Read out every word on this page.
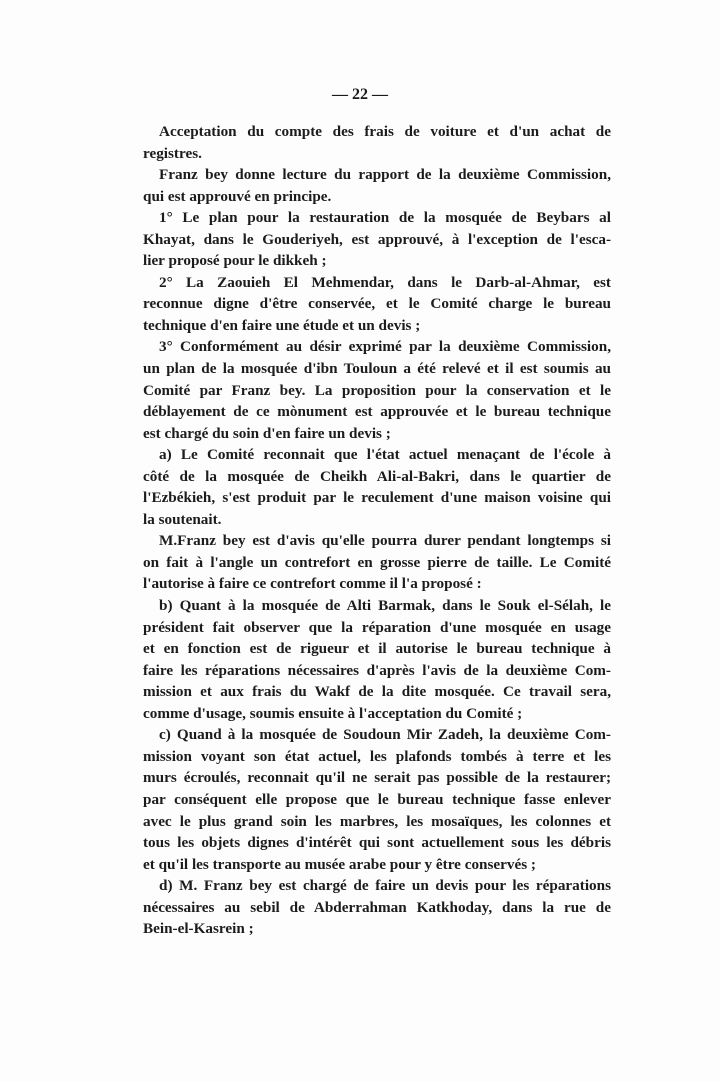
— 22 —
Acceptation du compte des frais de voiture et d'un achat de
registres.
Franz bey donne lecture du rapport de la deuxième Commission,
qui est approuvé en principe.
1° Le plan pour la restauration de la mosquée de Beybars al
Khayat, dans le Gouderiyeh, est approuvé, à l'exception de l'esca-
lier proposé pour le dikkeh ;
2° La Zaouieh El Mehmendar, dans le Darb-al-Ahmar, est
reconnue digne d'être conservée, et le Comité charge le bureau
technique d'en faire une étude et un devis ;
3° Conformément au désir exprimé par la deuxième Commission,
un plan de la mosquée d'ibn Touloun a été relevé et il est soumis au
Comité par Franz bey. La proposition pour la conservation et le
déblayement de ce mònument est approuvée et le bureau technique
est chargé du soin d'en faire un devis ;
a) Le Comité reconnait que l'état actuel menaçant de l'école à
côté de la mosquée de Cheikh Ali-al-Bakri, dans le quartier de
l'Ezbékieh, s'est produit par le reculement d'une maison voisine qui
la soutenait.
M.Franz bey est d'avis qu'elle pourra durer pendant longtemps si
on fait à l'angle un contrefort en grosse pierre de taille. Le Comité
l'autorise à faire ce contrefort comme il l'a proposé :
b) Quant à la mosquée de Alti Barmak, dans le Souk el-Sélah, le
président fait observer que la réparation d'une mosquée en usage
et en fonction est de rigueur et il autorise le bureau technique à
faire les réparations nécessaires d'après l'avis de la deuxième Com-
mission et aux frais du Wakf de la dite mosquée. Ce travail sera,
comme d'usage, soumis ensuite à l'acceptation du Comité ;
c) Quand à la mosquée de Soudoun Mir Zadeh, la deuxième Com-
mission voyant son état actuel, les plafonds tombés à terre et les
murs écroulés, reconnait qu'il ne serait pas possible de la restaurer;
par conséquent elle propose que le bureau technique fasse enlever
avec le plus grand soin les marbres, les mosaïques, les colonnes et
tous les objets dignes d'intérêt qui sont actuellement sous les débris
et qu'il les transporte au musée arabe pour y être conservés ;
d) M. Franz bey est chargé de faire un devis pour les réparations
nécessaires au sebil de Abderrahman Katkhoday, dans la rue de
Bein-el-Kasrein ;
